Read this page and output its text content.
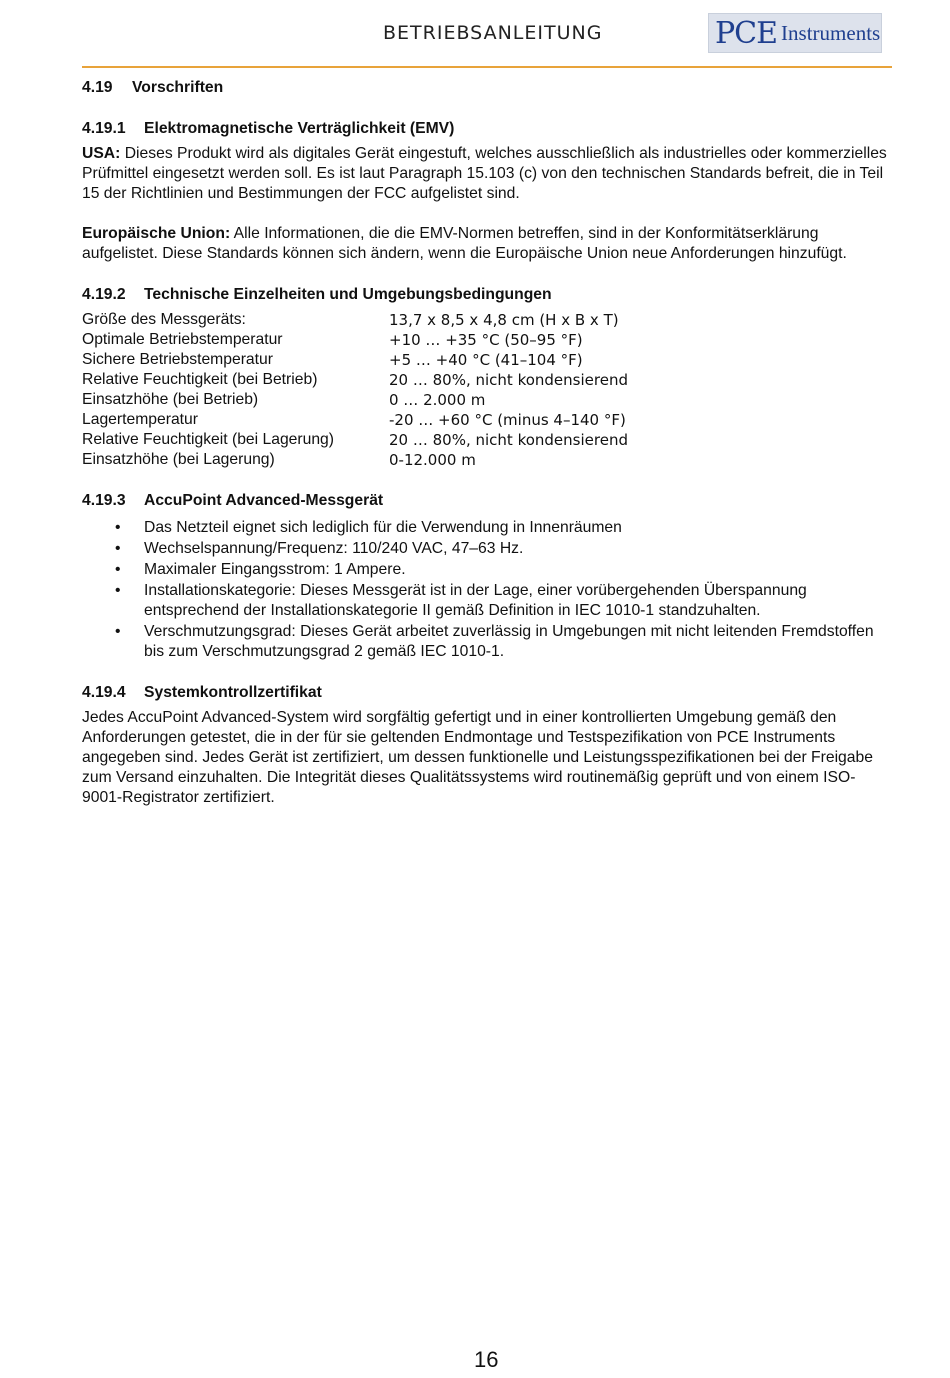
BETRIEBSANLEITUNG	PCE Instruments
4.19 Vorschriften
4.19.1 Elektromagnetische Verträglichkeit (EMV)

USA: Dieses Produkt wird als digitales Gerät eingestuft, welches ausschließlich als industrielles oder kommerzielles Prüfmittel eingesetzt werden soll. Es ist laut Paragraph 15.103 (c) von den technischen Standards befreit, die in Teil 15 der Richtlinien und Bestimmungen der FCC aufgelistet sind.

Europäische Union: Alle Informationen, die die EMV-Normen betreffen, sind in der Konformitätserklärung aufgelistet. Diese Standards können sich ändern, wenn die Europäische Union neue Anforderungen hinzufügt.

4.19.2 Technische Einzelheiten und Umgebungsbedingungen
Größe des Messgeräts:	13,7 x 8,5 x 4,8 cm (H x B x T)
Optimale Betriebstemperatur	+10 … +35 °C (50–95 °F)
Sichere Betriebstemperatur	+5 … +40 °C (41–104 °F)
Relative Feuchtigkeit (bei Betrieb)	20 … 80%, nicht kondensierend
Einsatzhöhe (bei Betrieb)	0 … 2.000 m
Lagertemperatur	-20 … +60 °C (minus 4–140 °F)
Relative Feuchtigkeit (bei Lagerung)	20 … 80%, nicht kondensierend
Einsatzhöhe (bei Lagerung)	0-12.000 m
4.19.3 AccuPoint Advanced-Messgerät
• Das Netzteil eignet sich lediglich für die Verwendung in Innenräumen
• Wechselspannung/Frequenz: 110/240 VAC, 47–63 Hz.
• Maximaler Eingangsstrom: 1 Ampere.
• Installationskategorie: Dieses Messgerät ist in der Lage, einer vorübergehenden Überspannung entsprechend der Installationskategorie II gemäß Definition in IEC 1010-1 standzuhalten.
• Verschmutzungsgrad: Dieses Gerät arbeitet zuverlässig in Umgebungen mit nicht leitenden Fremdstoffen bis zum Verschmutzungsgrad 2 gemäß IEC 1010-1.
4.19.4 Systemkontrollzertifikat

Jedes AccuPoint Advanced-System wird sorgfältig gefertigt und in einer kontrollierten Umgebung gemäß den Anforderungen getestet, die in der für sie geltenden Endmontage und Testspezifikation von PCE Instruments angegeben sind. Jedes Gerät ist zertifiziert, um dessen funktionelle und Leistungsspezifikationen bei der Freigabe zum Versand einzuhalten. Die Integrität dieses Qualitätssystems wird routinemäßig geprüft und von einem ISO-9001-Registrator zertifiziert.

16
